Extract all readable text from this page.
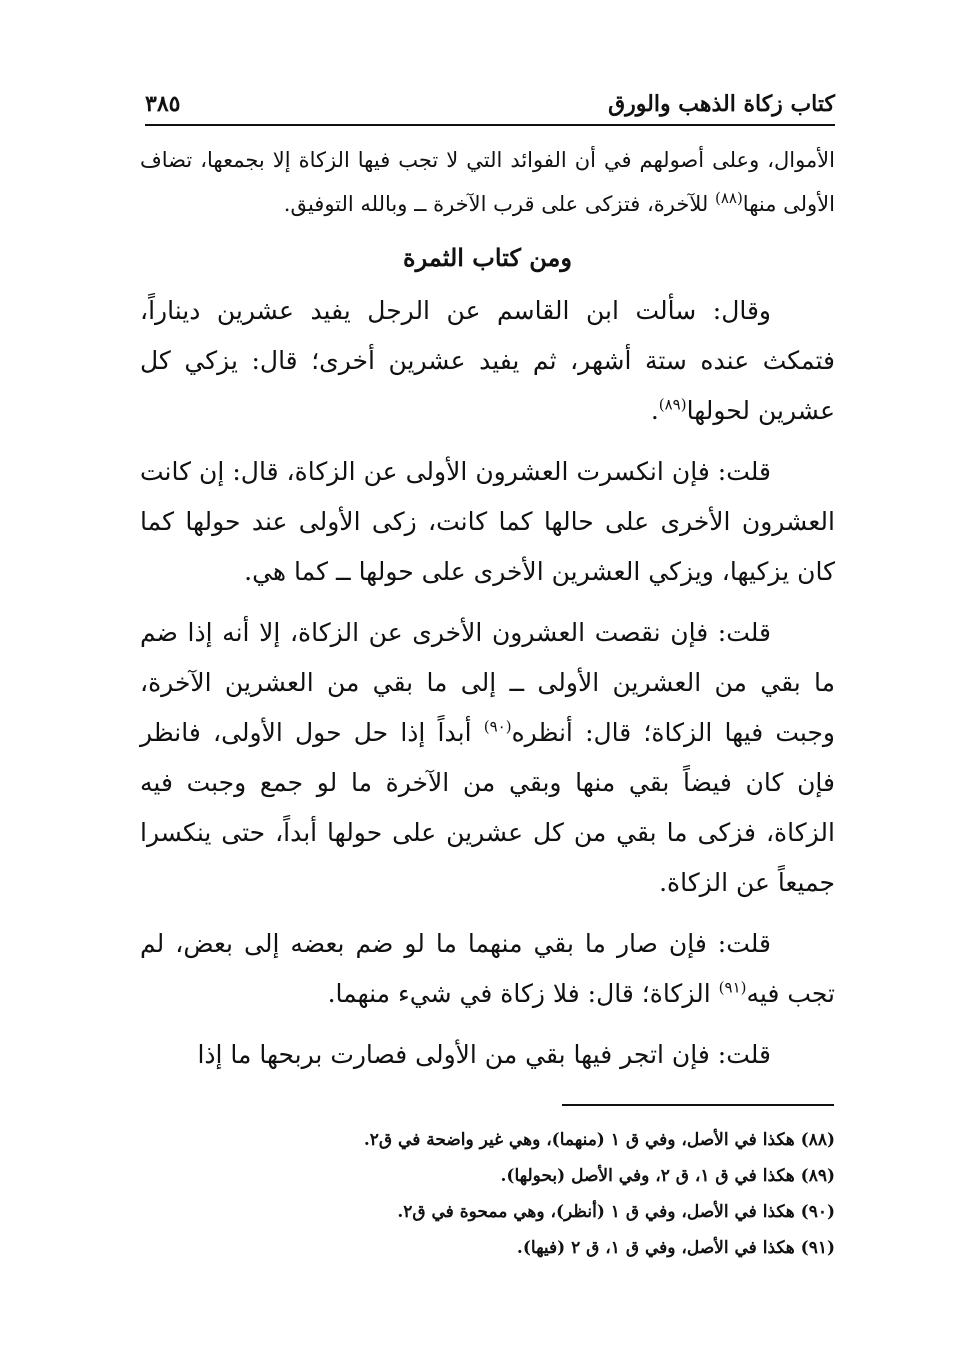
كتاب زكاة الذهب والورق
٣٨٥

الأموال، وعلى أصولهم في أن الفوائد التي لا تجب فيها الزكاة إلا بجمعها، تضاف الأولى منها$^{(٨٨)}$ للآخرة، فتزكى على قرب الآخرة ــ وبالله التوفيق.

ومن كتاب الثمرة

وقال: سألت ابن القاسم عن الرجل يفيد عشرين ديناراً، فتمكث عنده ستة أشهر، ثم يفيد عشرين أخرى؛ قال: يزكي كل عشرين لحولها$^{(٨٩)}$.

قلت: فإن انكسرت العشرون الأولى عن الزكاة، قال: إن كانت العشرون الأخرى على حالها كما كانت، زكى الأولى عند حولها كما كان يزكيها، ويزكي العشرين الأخرى على حولها ــ كما هي.

قلت: فإن نقصت العشرون الأخرى عن الزكاة، إلا أنه إذا ضم ما بقي من العشرين الأولى ــ إلى ما بقي من العشرين الآخرة، وجبت فيها الزكاة؛ قال: أنظره$^{(٩٠)}$ أبداً إذا حل حول الأولى، فانظر فإن كان فيضاً بقي منها وبقي من الآخرة ما لو جمع وجبت فيه الزكاة، فزكى ما بقي من كل عشرين على حولها أبداً، حتى ينكسرا جميعاً عن الزكاة.

قلت: فإن صار ما بقي منهما ما لو ضم بعضه إلى بعض، لم تجب فيه$^{(٩١)}$ الزكاة؛ قال: فلا زكاة في شيء منهما.

قلت: فإن اتجر فيها بقي من الأولى فصارت بربحها ما إذا

(٨٨) هكذا في الأصل، وفي ق ١ (منهما)، وهي غير واضحة في ق٢.
(٨٩) هكذا في ق ١، ق ٢، وفي الأصل (بحولها).
(٩٠) هكذا في الأصل، وفي ق ١ (أنظر)، وهي ممحوة في ق٢.
(٩١) هكذا في الأصل، وفي ق ١، ق ٢ (فيها).
